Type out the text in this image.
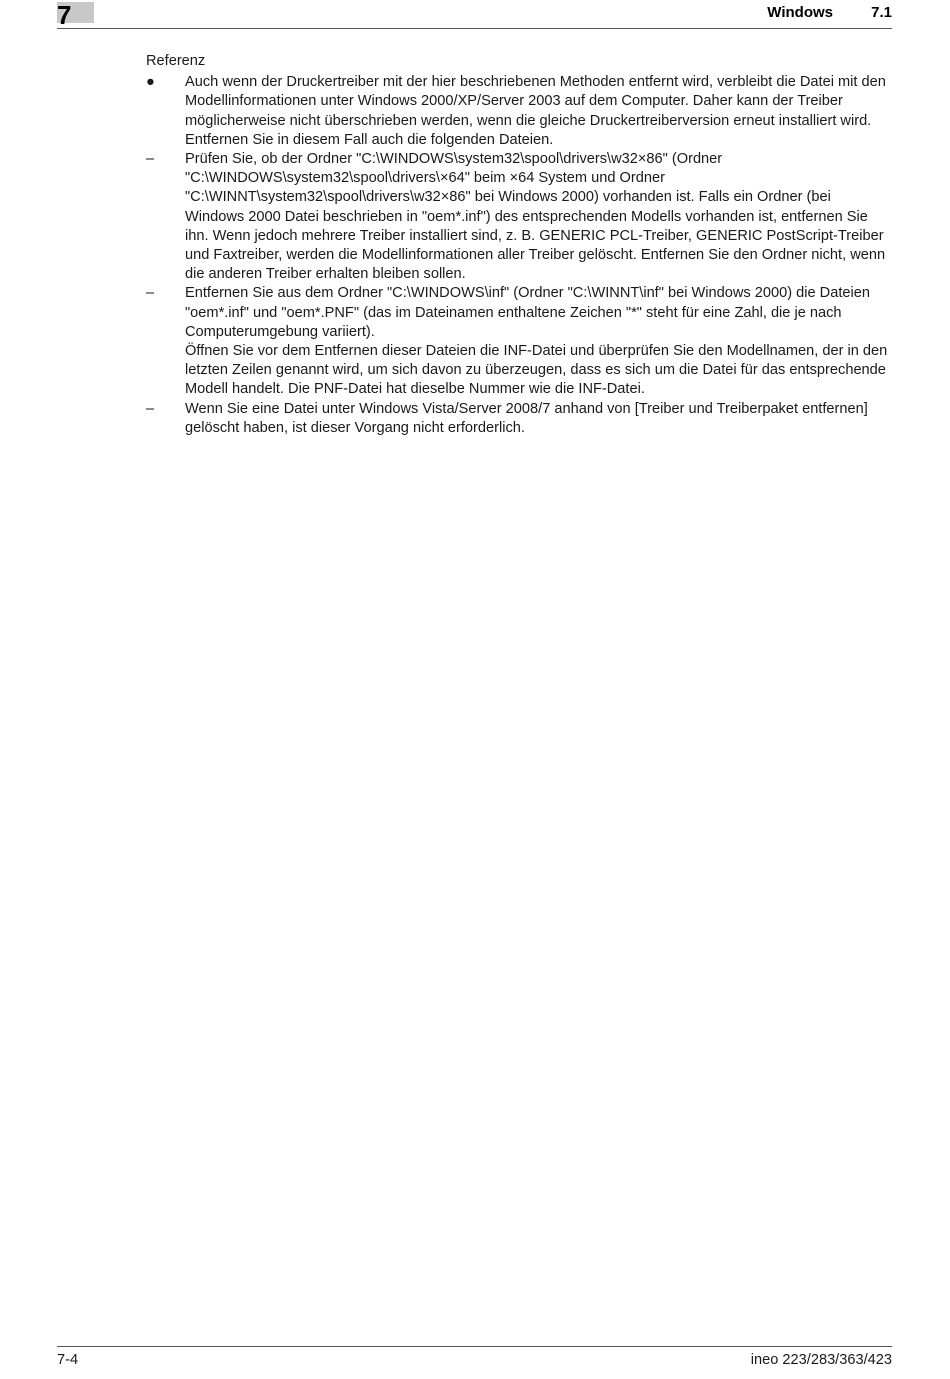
7	Windows	7.1

Referenz

●	Auch wenn der Druckertreiber mit der hier beschriebenen Methoden entfernt wird, verbleibt die Datei mit den Modellinformationen unter Windows 2000/XP/Server 2003 auf dem Computer. Daher kann der Treiber möglicherweise nicht überschrieben werden, wenn die gleiche Druckertreiberversion erneut installiert wird. Entfernen Sie in diesem Fall auch die folgenden Dateien.

–	Prüfen Sie, ob der Ordner "C:\WINDOWS\system32\spool\drivers\w32×86" (Ordner "C:\WINDOWS\system32\spool\drivers\×64" beim ×64 System und Ordner "C:\WINNT\system32\spool\drivers\w32×86" bei Windows 2000) vorhanden ist. Falls ein Ordner (bei Windows 2000 Datei beschrieben in "oem*.inf") des entsprechenden Modells vorhanden ist, entfernen Sie ihn. Wenn jedoch mehrere Treiber installiert sind, z. B. GENERIC PCL-Treiber, GENERIC PostScript-Treiber und Faxtreiber, werden die Modellinformationen aller Treiber gelöscht. Entfernen Sie den Ordner nicht, wenn die anderen Treiber erhalten bleiben sollen.

–	Entfernen Sie aus dem Ordner "C:\WINDOWS\inf" (Ordner "C:\WINNT\inf" bei Windows 2000) die Dateien "oem*.inf" und "oem*.PNF" (das im Dateinamen enthaltene Zeichen "*" steht für eine Zahl, die je nach Computerumgebung variiert).

Öffnen Sie vor dem Entfernen dieser Dateien die INF-Datei und überprüfen Sie den Modellnamen, der in den letzten Zeilen genannt wird, um sich davon zu überzeugen, dass es sich um die Datei für das entsprechende Modell handelt. Die PNF-Datei hat dieselbe Nummer wie die INF-Datei.

–	Wenn Sie eine Datei unter Windows Vista/Server 2008/7 anhand von [Treiber und Treiberpaket entfernen] gelöscht haben, ist dieser Vorgang nicht erforderlich.

7-4	ineo 223/283/363/423
